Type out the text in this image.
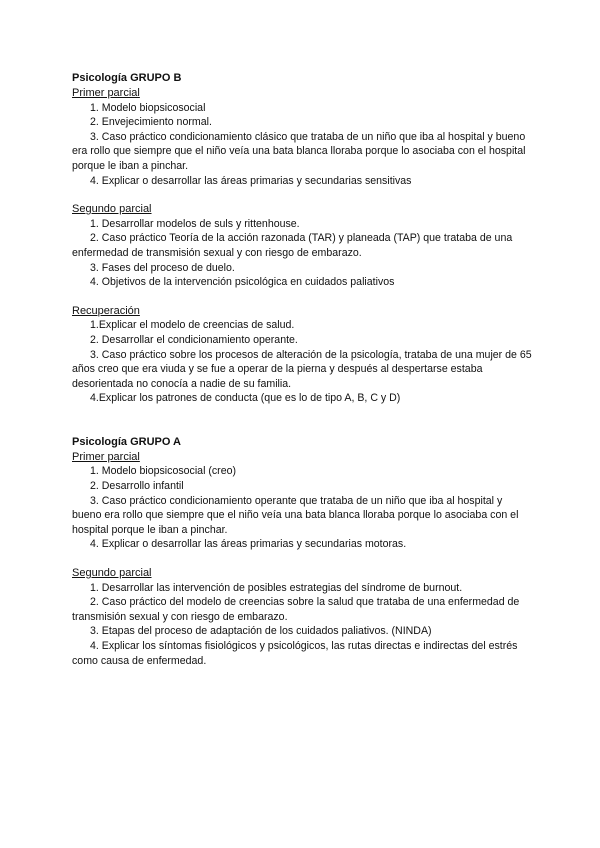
Psicología GRUPO B
Primer parcial

1. Modelo biopsicosocial

2. Envejecimiento normal.

3. Caso práctico condicionamiento clásico que trataba de un niño que iba al hospital y bueno era rollo que siempre que el niño veía una bata blanca lloraba porque lo asociaba con el hospital porque le iban a pinchar.

4. Explicar o desarrollar las áreas primarias y secundarias sensitivas

Segundo parcial

1. Desarrollar modelos de suls y rittenhouse.

2. Caso práctico Teoría de la acción razonada (TAR) y planeada (TAP) que trataba de una enfermedad de transmisión sexual y con riesgo de embarazo.

3. Fases del proceso de duelo.

4. Objetivos de la intervención psicológica en cuidados paliativos

Recuperación

1.Explicar el modelo de creencias de salud.

2. Desarrollar el condicionamiento operante.

3. Caso práctico sobre los procesos de alteración de la psicología, trataba de una mujer de 65 años creo que era viuda y se fue a operar de la pierna y después al despertarse estaba desorientada no conocía a nadie de su familia.

4.Explicar los patrones de conducta (que es lo de tipo A, B, C y D)

Psicología GRUPO A
Primer parcial

1. Modelo biopsicosocial (creo)

2. Desarrollo infantil

3. Caso práctico condicionamiento operante que trataba de un niño que iba al hospital y bueno era rollo que siempre que el niño veía una bata blanca lloraba porque lo asociaba con el hospital porque le iban a pinchar.

4. Explicar o desarrollar las áreas primarias y secundarias motoras.

Segundo parcial

1. Desarrollar las intervención de posibles estrategias del síndrome de burnout.

2. Caso práctico del modelo de creencias sobre la salud que trataba de una enfermedad de transmisión sexual y con riesgo de embarazo.

3. Etapas del proceso de adaptación de los cuidados paliativos. (NINDA)

4. Explicar los síntomas fisiológicos y psicológicos, las rutas directas e indirectas del estrés como causa de enfermedad.
